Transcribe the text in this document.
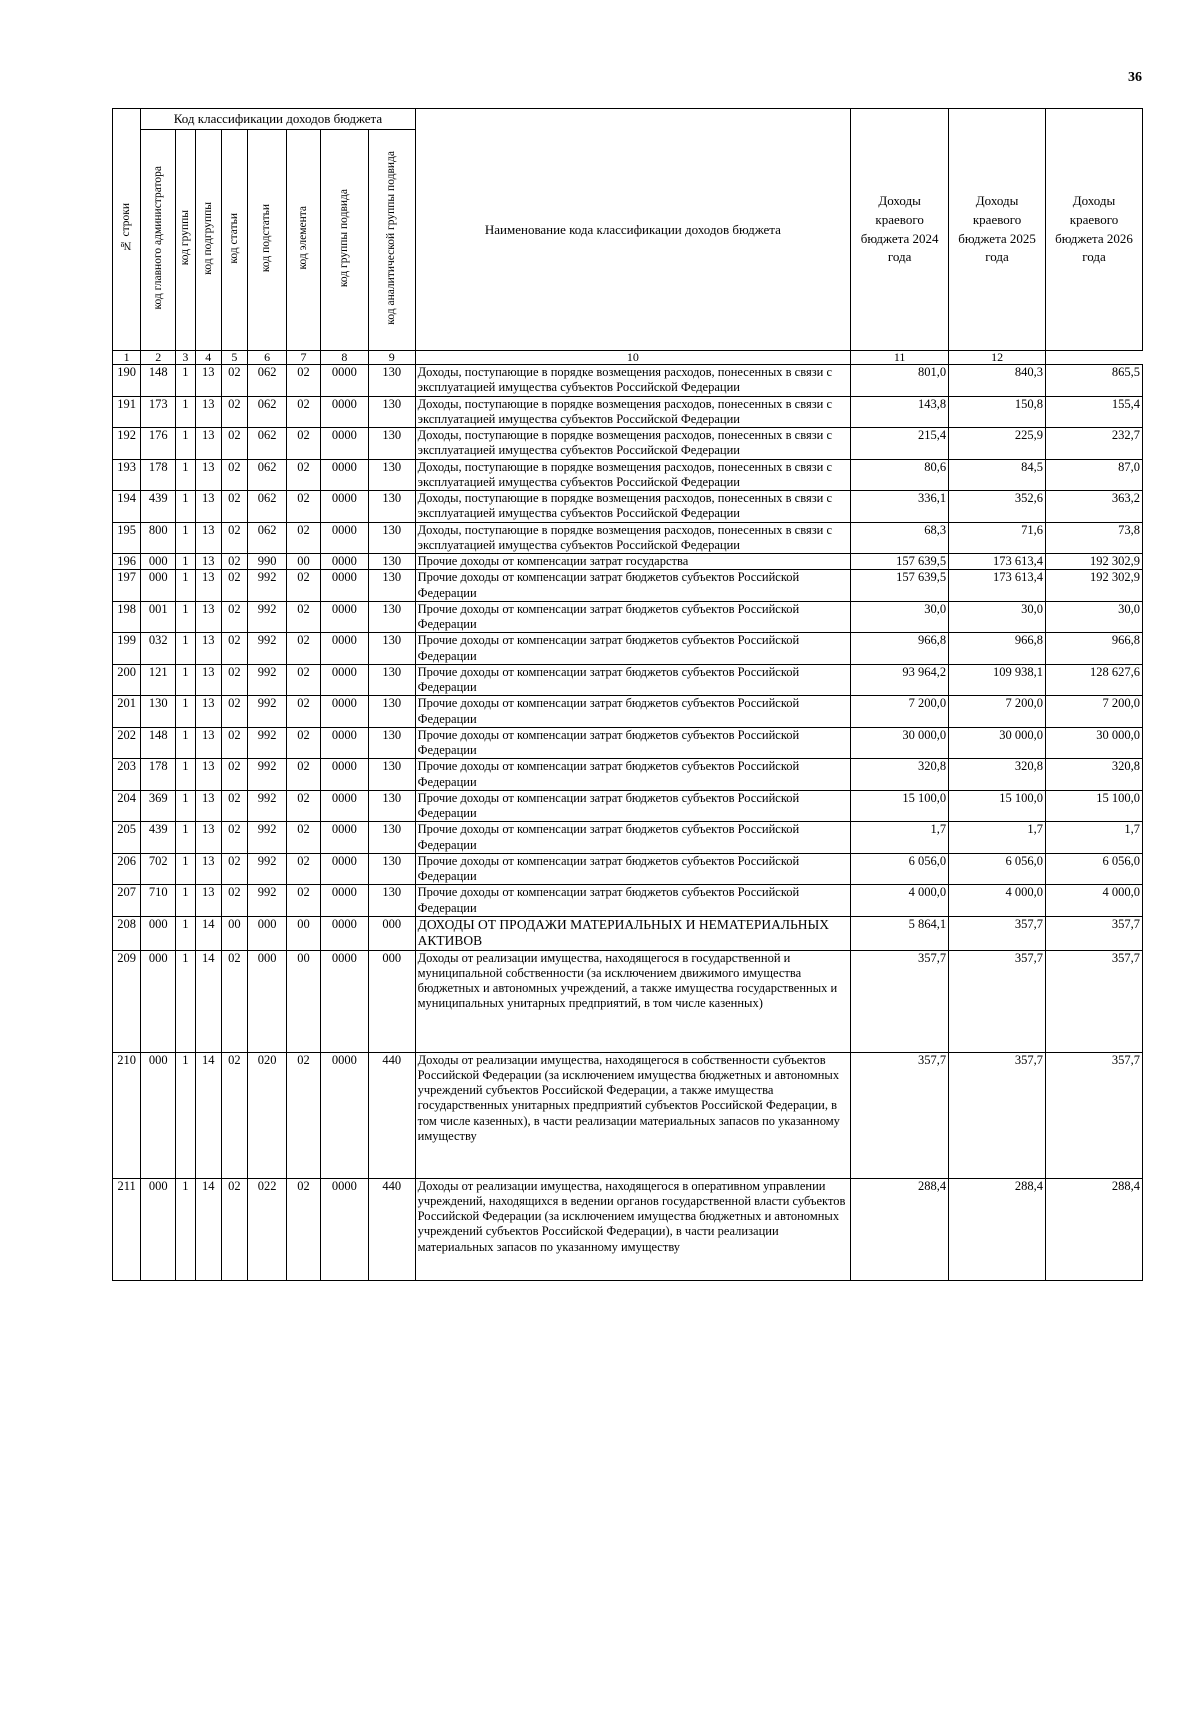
36
№ строки	Код классификации доходов бюджета								Наименование кода классификации доходов бюджета	Доходы краевого бюджета 2024 года	Доходы краевого бюджета 2025 года	Доходы краевого бюджета 2026 года
	код главного администратора	код группы	код подгруппы	код статьи	код подстатьи	код элемента	код группы подвида	код аналитической группы подвида				
1	2	3	4	5	6	7	8	9	10	11	12	
190	148	1	13	02	062	02	0000	130	Доходы, поступающие в порядке возмещения расходов, понесенных в связи с эксплуатацией имущества субъектов Российской Федерации	801,0	840,3	865,5
191	173	1	13	02	062	02	0000	130	Доходы, поступающие в порядке возмещения расходов, понесенных в связи с эксплуатацией имущества субъектов Российской Федерации	143,8	150,8	155,4
192	176	1	13	02	062	02	0000	130	Доходы, поступающие в порядке возмещения расходов, понесенных в связи с эксплуатацией имущества субъектов Российской Федерации	215,4	225,9	232,7
193	178	1	13	02	062	02	0000	130	Доходы, поступающие в порядке возмещения расходов, понесенных в связи с эксплуатацией имущества субъектов Российской Федерации	80,6	84,5	87,0
194	439	1	13	02	062	02	0000	130	Доходы, поступающие в порядке возмещения расходов, понесенных в связи с эксплуатацией имущества субъектов Российской Федерации	336,1	352,6	363,2
195	800	1	13	02	062	02	0000	130	Доходы, поступающие в порядке возмещения расходов, понесенных в связи с эксплуатацией имущества субъектов Российской Федерации	68,3	71,6	73,8
196	000	1	13	02	990	00	0000	130	Прочие доходы от компенсации затрат государства	157 639,5	173 613,4	192 302,9
197	000	1	13	02	992	02	0000	130	Прочие доходы от компенсации затрат бюджетов субъектов Российской Федерации	157 639,5	173 613,4	192 302,9
198	001	1	13	02	992	02	0000	130	Прочие доходы от компенсации затрат бюджетов субъектов Российской Федерации	30,0	30,0	30,0
199	032	1	13	02	992	02	0000	130	Прочие доходы от компенсации затрат бюджетов субъектов Российской Федерации	966,8	966,8	966,8
200	121	1	13	02	992	02	0000	130	Прочие доходы от компенсации затрат бюджетов субъектов Российской Федерации	93 964,2	109 938,1	128 627,6
201	130	1	13	02	992	02	0000	130	Прочие доходы от компенсации затрат бюджетов субъектов Российской Федерации	7 200,0	7 200,0	7 200,0
202	148	1	13	02	992	02	0000	130	Прочие доходы от компенсации затрат бюджетов субъектов Российской Федерации	30 000,0	30 000,0	30 000,0
203	178	1	13	02	992	02	0000	130	Прочие доходы от компенсации затрат бюджетов субъектов Российской Федерации	320,8	320,8	320,8
204	369	1	13	02	992	02	0000	130	Прочие доходы от компенсации затрат бюджетов субъектов Российской Федерации	15 100,0	15 100,0	15 100,0
205	439	1	13	02	992	02	0000	130	Прочие доходы от компенсации затрат бюджетов субъектов Российской Федерации	1,7	1,7	1,7
206	702	1	13	02	992	02	0000	130	Прочие доходы от компенсации затрат бюджетов субъектов Российской Федерации	6 056,0	6 056,0	6 056,0
207	710	1	13	02	992	02	0000	130	Прочие доходы от компенсации затрат бюджетов субъектов Российской Федерации	4 000,0	4 000,0	4 000,0
208	000	1	14	00	000	00	0000	000	ДОХОДЫ ОТ ПРОДАЖИ МАТЕРИАЛЬНЫХ И НЕМАТЕРИАЛЬНЫХ АКТИВОВ	5 864,1	357,7	357,7
209	000	1	14	02	000	00	0000	000	Доходы от реализации имущества, находящегося в государственной и муниципальной собственности (за исключением движимого имущества бюджетных и автономных учреждений, а также имущества государственных и муниципальных унитарных предприятий, в том числе казенных)	357,7	357,7	357,7
210	000	1	14	02	020	02	0000	440	Доходы от реализации имущества, находящегося в собственности субъектов Российской Федерации (за исключением имущества бюджетных и автономных учреждений субъектов Российской Федерации, а также имущества государственных унитарных предприятий субъектов Российской Федерации, в том числе казенных), в части реализации материальных запасов по указанному имуществу	357,7	357,7	357,7
211	000	1	14	02	022	02	0000	440	Доходы от реализации имущества, находящегося в оперативном управлении учреждений, находящихся в ведении органов государственной власти субъектов Российской Федерации (за исключением имущества бюджетных и автономных учреждений субъектов Российской Федерации), в части реализации материальных запасов по указанному имуществу	288,4	288,4	288,4
